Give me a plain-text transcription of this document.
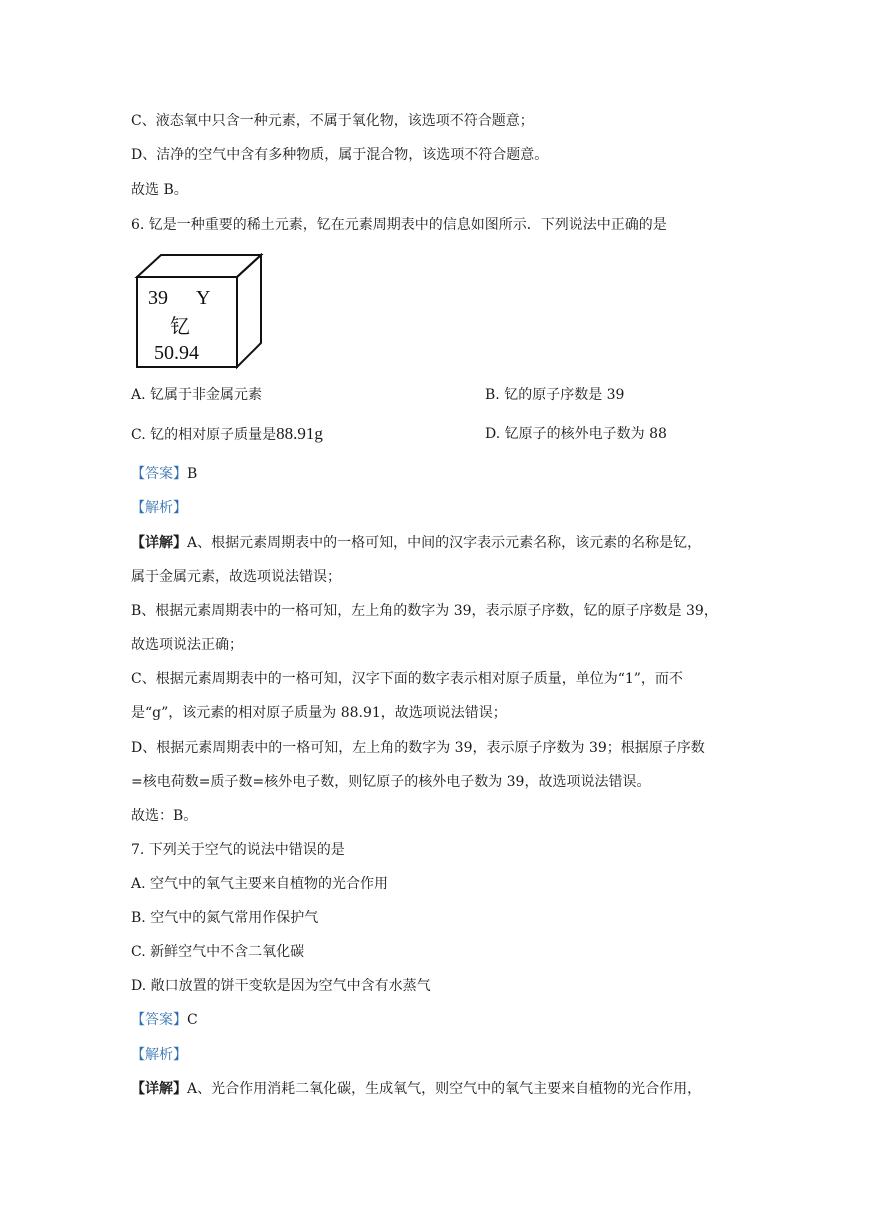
C、液态氧中只含一种元素，不属于氧化物，该选项不符合题意；
D、洁净的空气中含有多种物质，属于混合物，该选项不符合题意。
故选 B。
6. 钇是一种重要的稀土元素，钇在元素周期表中的信息如图所示．下列说法中正确的是
39 Y
钇
50.94
A. 钇属于非金属元素	B. 钇的原子序数是 39
C. 钇的相对原子质量是88.91g	D. 钇原子的核外电子数为 88
【答案】B
【解析】
【详解】A、根据元素周期表中的一格可知，中间的汉字表示元素名称，该元素的名称是钇，
属于金属元素，故选项说法错误；
B、根据元素周期表中的一格可知，左上角的数字为 39，表示原子序数，钇的原子序数是 39，
故选项说法正确；
C、根据元素周期表中的一格可知，汉字下面的数字表示相对原子质量，单位为“1”，而不
是“g”，该元素的相对原子质量为 88.91，故选项说法错误；
D、根据元素周期表中的一格可知，左上角的数字为 39，表示原子序数为 39；根据原子序数
=核电荷数=质子数=核外电子数，则钇原子的核外电子数为 39，故选项说法错误。
故选：B。
7. 下列关于空气的说法中错误的是
A. 空气中的氧气主要来自植物的光合作用
B. 空气中的氮气常用作保护气
C. 新鲜空气中不含二氧化碳
D. 敞口放置的饼干变软是因为空气中含有水蒸气
【答案】C
【解析】
【详解】A、光合作用消耗二氧化碳，生成氧气，则空气中的氧气主要来自植物的光合作用，
